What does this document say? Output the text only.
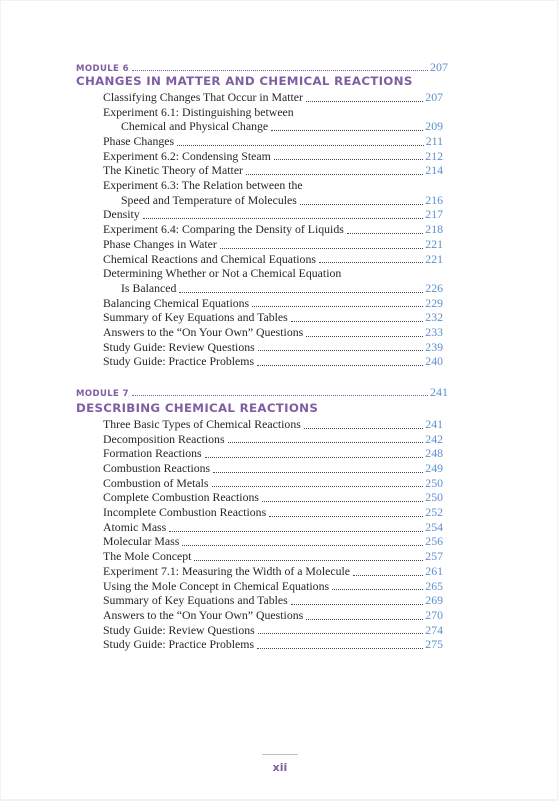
MODULE 6	207
CHANGES IN MATTER AND CHEMICAL REACTIONS
Classifying Changes That Occur in Matter	207
Experiment 6.1: Distinguishing between
Chemical and Physical Change	209
Phase Changes	211
Experiment 6.2: Condensing Steam	212
The Kinetic Theory of Matter	214
Experiment 6.3: The Relation between the
Speed and Temperature of Molecules	216
Density	217
Experiment 6.4: Comparing the Density of Liquids	218
Phase Changes in Water	221
Chemical Reactions and Chemical Equations	221
Determining Whether or Not a Chemical Equation
Is Balanced	226
Balancing Chemical Equations	229
Summary of Key Equations and Tables	232
Answers to the “On Your Own” Questions	233
Study Guide: Review Questions	239
Study Guide: Practice Problems	240
MODULE 7	241
DESCRIBING CHEMICAL REACTIONS
Three Basic Types of Chemical Reactions	241
Decomposition Reactions	242
Formation Reactions	248
Combustion Reactions	249
Combustion of Metals	250
Complete Combustion Reactions	250
Incomplete Combustion Reactions	252
Atomic Mass	254
Molecular Mass	256
The Mole Concept	257
Experiment 7.1: Measuring the Width of a Molecule	261
Using the Mole Concept in Chemical Equations	265
Summary of Key Equations and Tables	269
Answers to the “On Your Own” Questions	270
Study Guide: Review Questions	274
Study Guide: Practice Problems	275
xii
